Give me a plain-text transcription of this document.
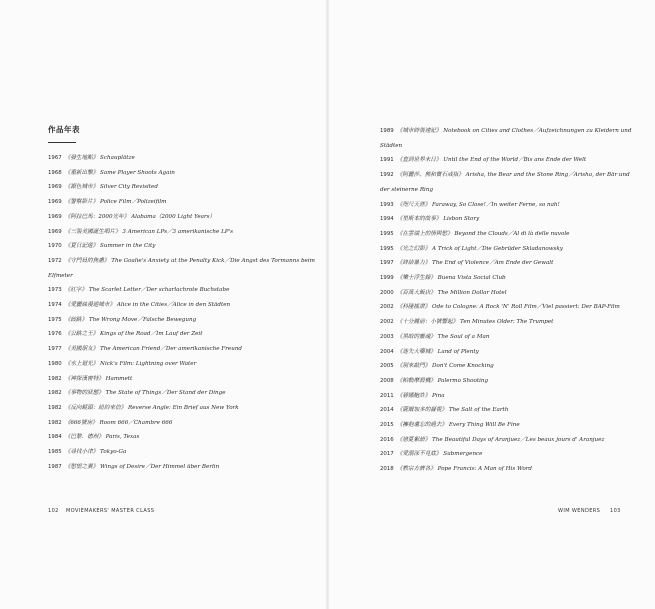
作品年表
1967 《發生地點》 Schauplätze
1968 《重新出擊》 Same Player Shoots Again
1969 《銀色城市》 Silver City Revisited
1969 《警察影片》 Police Film／Polizeifilm
1969 《阿拉巴馬：2000光年》 Alabama（2000 Light Years）
1969 《三張美國誕生唱片》 3 American LPs／3 amerikanische LP's
1970 《夏日記遊》 Summer in the City
1972 《守門員的焦慮》 The Goalie's Anxiety at the Penalty Kick／Die Angst des Tormanns beim Elfmeter
1973 《紅字》 The Scarlet Letter／Der scharlachrote Buchstabe
1974 《愛麗絲漫遊城市》 Alice in the Cities／Alice in den Städten
1975 《歧路》 The Wrong Move／Falsche Bewegung
1976 《公路之王》 Kings of the Road／Im Lauf der Zeit
1977 《美國朋友》 The American Friend／Der amerikanische Freund
1980 《水上迴光》 Nick's Film: Lightning over Water
1982 《神探漢密特》 Hammett
1982 《事物的狀態》 The State of Things／Der Stand der Dinge
1982 《反向鏡頭：紐約來信》 Reverse Angle: Ein Brief aus New York
1982 《666號房》 Room 666／Chambre 666
1984 《巴黎．德州》 Paris, Texas
1985 《尋找小津》 Tokyo-Ga
1987 《慾望之翼》 Wings of Desire／Der Himmel über Berlin
102 MOVIEMAKERS' MASTER CLASS
1989 《城市時裝速記》 Notebook on Cities and Clothes／Aufzeichnungen zu Kleidern und Städten
1991 《直到世界末日》 Until the End of the World／Bis ans Ende der Welt
1992 《阿麗莎、熊和寶石戒指》 Arisha, the Bear and the Stone Ring／Arisha, der Bär und der steinerne Ring
1993 《咫尺天涯》 Faraway, So Close!／In weiter Ferne, so nah!
1994 《里斯本的故事》 Lisbon Story
1995 《在雲端上的情與慾》 Beyond the Clouds／Al di là delle nuvole
1995 《光之幻影》 A Trick of Light／Die Gebrüder Skladanowsky
1997 《終結暴力》 The End of Violence／Am Ende der Gewalt
1999 《樂士浮生錄》 Buena Vista Social Club
2000 《百萬大飯店》 The Million Dollar Hotel
2002 《科隆搖滾》 Ode to Cologne: A Rock 'N' Roll Film／Viel passiert: Der BAP-Film
2002 《十分鐘前：小號響起》 Ten Minutes Older: The Trumpet
2003 《黑暗的靈魂》 The Soul of a Man
2004 《迷失大藥城》 Land of Plenty
2005 《別來敲門》 Don't Come Knocking
2008 《帕勒摩殺機》 Palermo Shooting
2011 《碧娜鮑許》 Pina
2014 《薩爾加多的凝視》 The Salt of the Earth
2015 《擁抱遺忘的過去》 Every Thing Will Be Fine
2016 《戀夏絮語》 The Beautiful Days of Aranjuez／Les beaux jours d' Aranjuez
2017 《愛溺深不見底》 Submergence
2018 《教宗方濟各》 Pope Francis: A Man of His Word
WIM WENDERS 103
